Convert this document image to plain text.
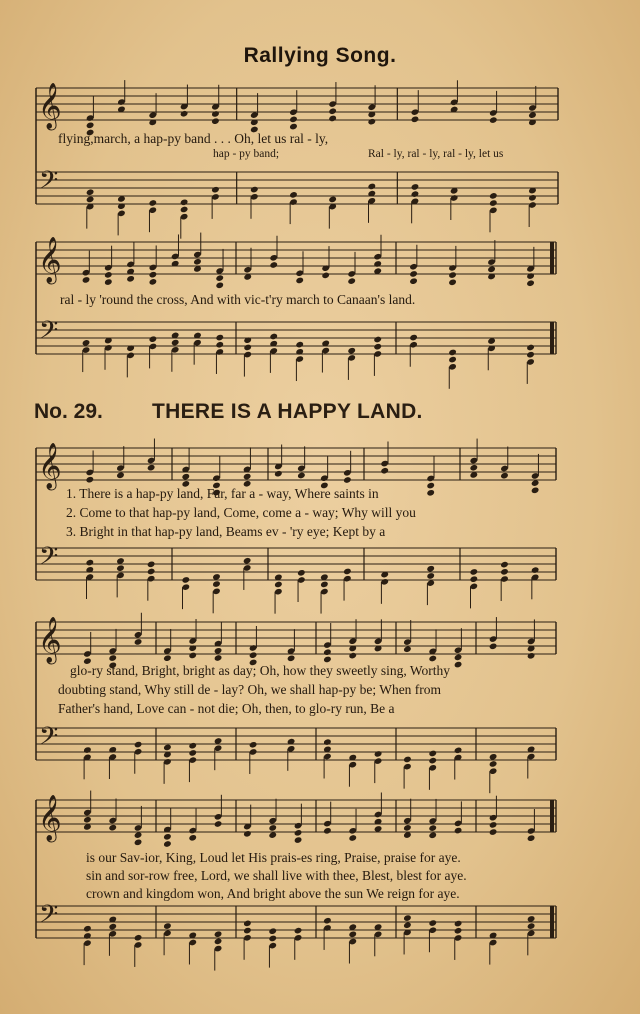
𝄞
𝄢
𝄞
𝄢
𝄞
𝄢
𝄞
𝄢
𝄞
𝄢
Rallying Song.
flying,march, a hap-py band . . . Oh, let us ral - ly,
hap - py band;	Ral - ly, ral - ly, ral - ly, let us
ral - ly 'round the cross, And with vic-t'ry march to Canaan's land.
No. 29. THERE IS A HAPPY LAND.
1. There is a hap-py land, Far, far a - way, Where saints in
2. Come to that hap-py land, Come, come a - way; Why will you
3. Bright in that hap-py land, Beams ev - 'ry eye; Kept by a
glo-ry stand, Bright, bright as day; Oh, how they sweetly sing, Worthy
doubting stand, Why still de - lay? Oh, we shall hap-py be; When from
Father's hand, Love can - not die; Oh, then, to glo-ry run, Be a
is our Sav-ior, King, Loud let His prais-es ring, Praise, praise for aye.
sin and sor-row free, Lord, we shall live with thee, Blest, blest for aye.
crown and kingdom won, And bright above the sun We reign for aye.
